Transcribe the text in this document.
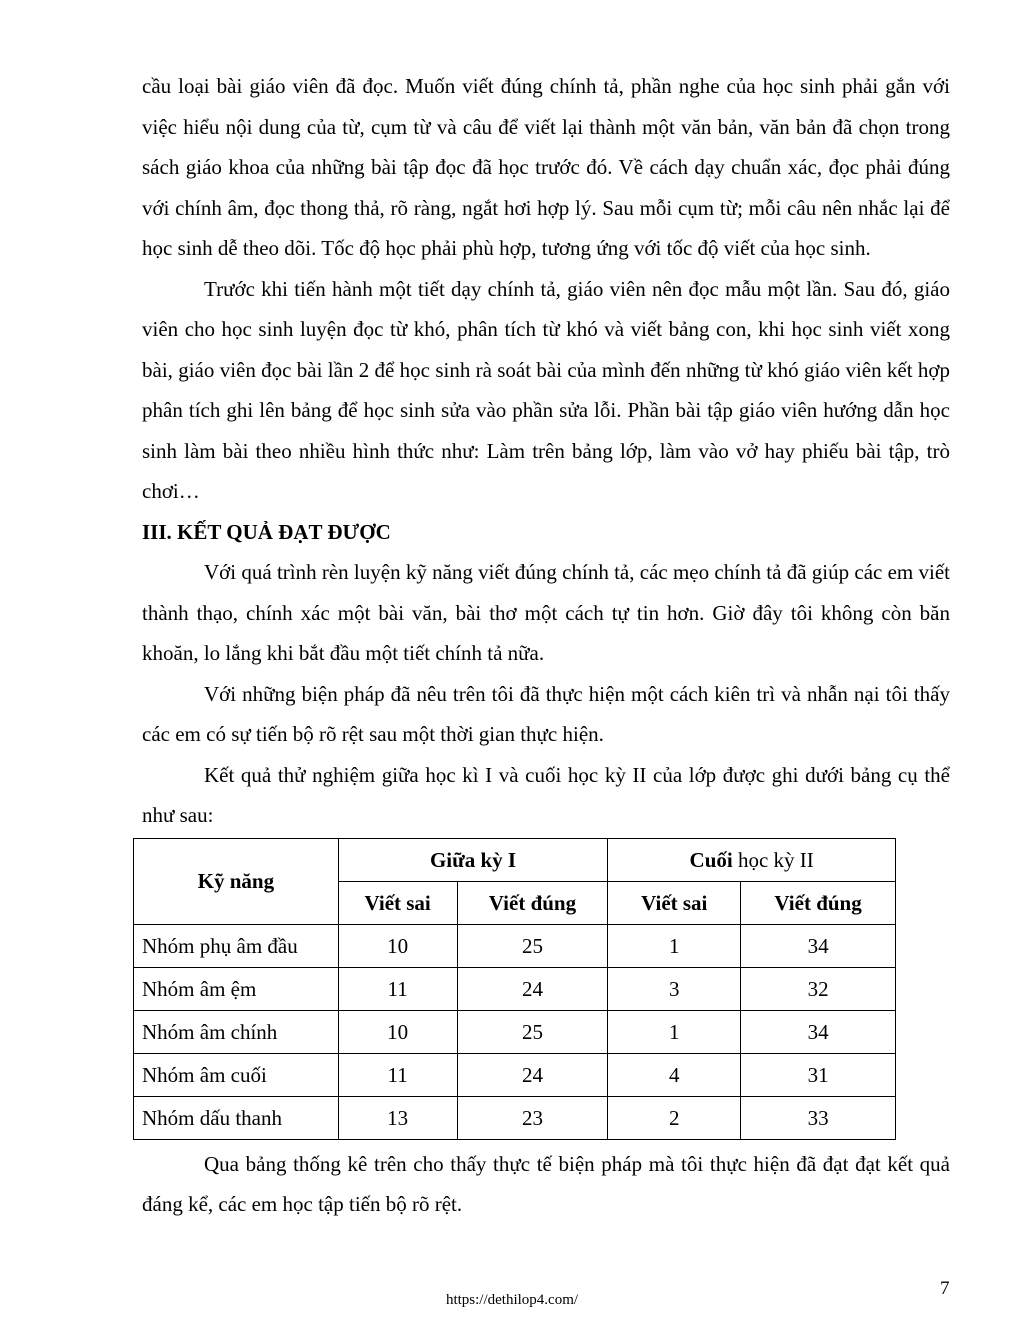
cầu loại bài giáo viên đã đọc. Muốn viết đúng chính tả, phần nghe của học sinh phải gắn với việc hiểu nội dung của từ, cụm từ và câu để viết lại thành một văn bản, văn bản đã chọn trong sách giáo khoa của những bài tập đọc đã học trước đó. Về cách dạy chuẩn xác, đọc phải đúng với chính âm, đọc thong thả, rõ ràng, ngắt hơi hợp lý. Sau mỗi cụm từ; mỗi câu nên nhắc lại để học sinh dễ theo dõi. Tốc độ học phải phù hợp, tương ứng với tốc độ viết của học sinh.

Trước khi tiến hành một tiết dạy chính tả, giáo viên nên đọc mẫu một lần. Sau đó, giáo viên cho học sinh luyện đọc từ khó, phân tích từ khó và viết bảng con, khi học sinh viết xong bài, giáo viên đọc bài lần 2 để học sinh rà soát bài của mình đến những từ khó giáo viên kết hợp phân tích ghi lên bảng để học sinh sửa vào phần sửa lỗi. Phần bài tập giáo viên hướng dẫn học sinh làm bài theo nhiều hình thức như: Làm trên bảng lớp, làm vào vở hay phiếu bài tập, trò chơi…

III. KẾT QUẢ ĐẠT ĐƯỢC

Với quá trình rèn luyện kỹ năng viết đúng chính tả, các mẹo chính tả đã giúp các em viết thành thạo, chính xác một bài văn, bài thơ một cách tự tin hơn. Giờ đây tôi không còn băn khoăn, lo lắng khi bắt đầu một tiết chính tả nữa.

Với những biện pháp đã nêu trên tôi đã thực hiện một cách kiên trì và nhẫn nại tôi thấy các em có sự tiến bộ rõ rệt sau một thời gian thực hiện.

Kết quả thử nghiệm giữa học kì I và cuối học kỳ II của lớp được ghi dưới bảng cụ thể như sau:

Kỹ năng	Giữa kỳ I		Cuối học kỳ II	
	Viết sai	Viết đúng	Viết sai	Viết đúng
Nhóm phụ âm đầu	10	25	1	34
Nhóm âm ệm	11	24	3	32
Nhóm âm chính	10	25	1	34
Nhóm âm cuối	11	24	4	31
Nhóm dấu thanh	13	23	2	33

Qua bảng thống kê trên cho thấy thực tế biện pháp mà tôi thực hiện đã đạt đạt kết quả đáng kể, các em học tập tiến bộ rõ rệt.

https://dethilop4.com/
7
